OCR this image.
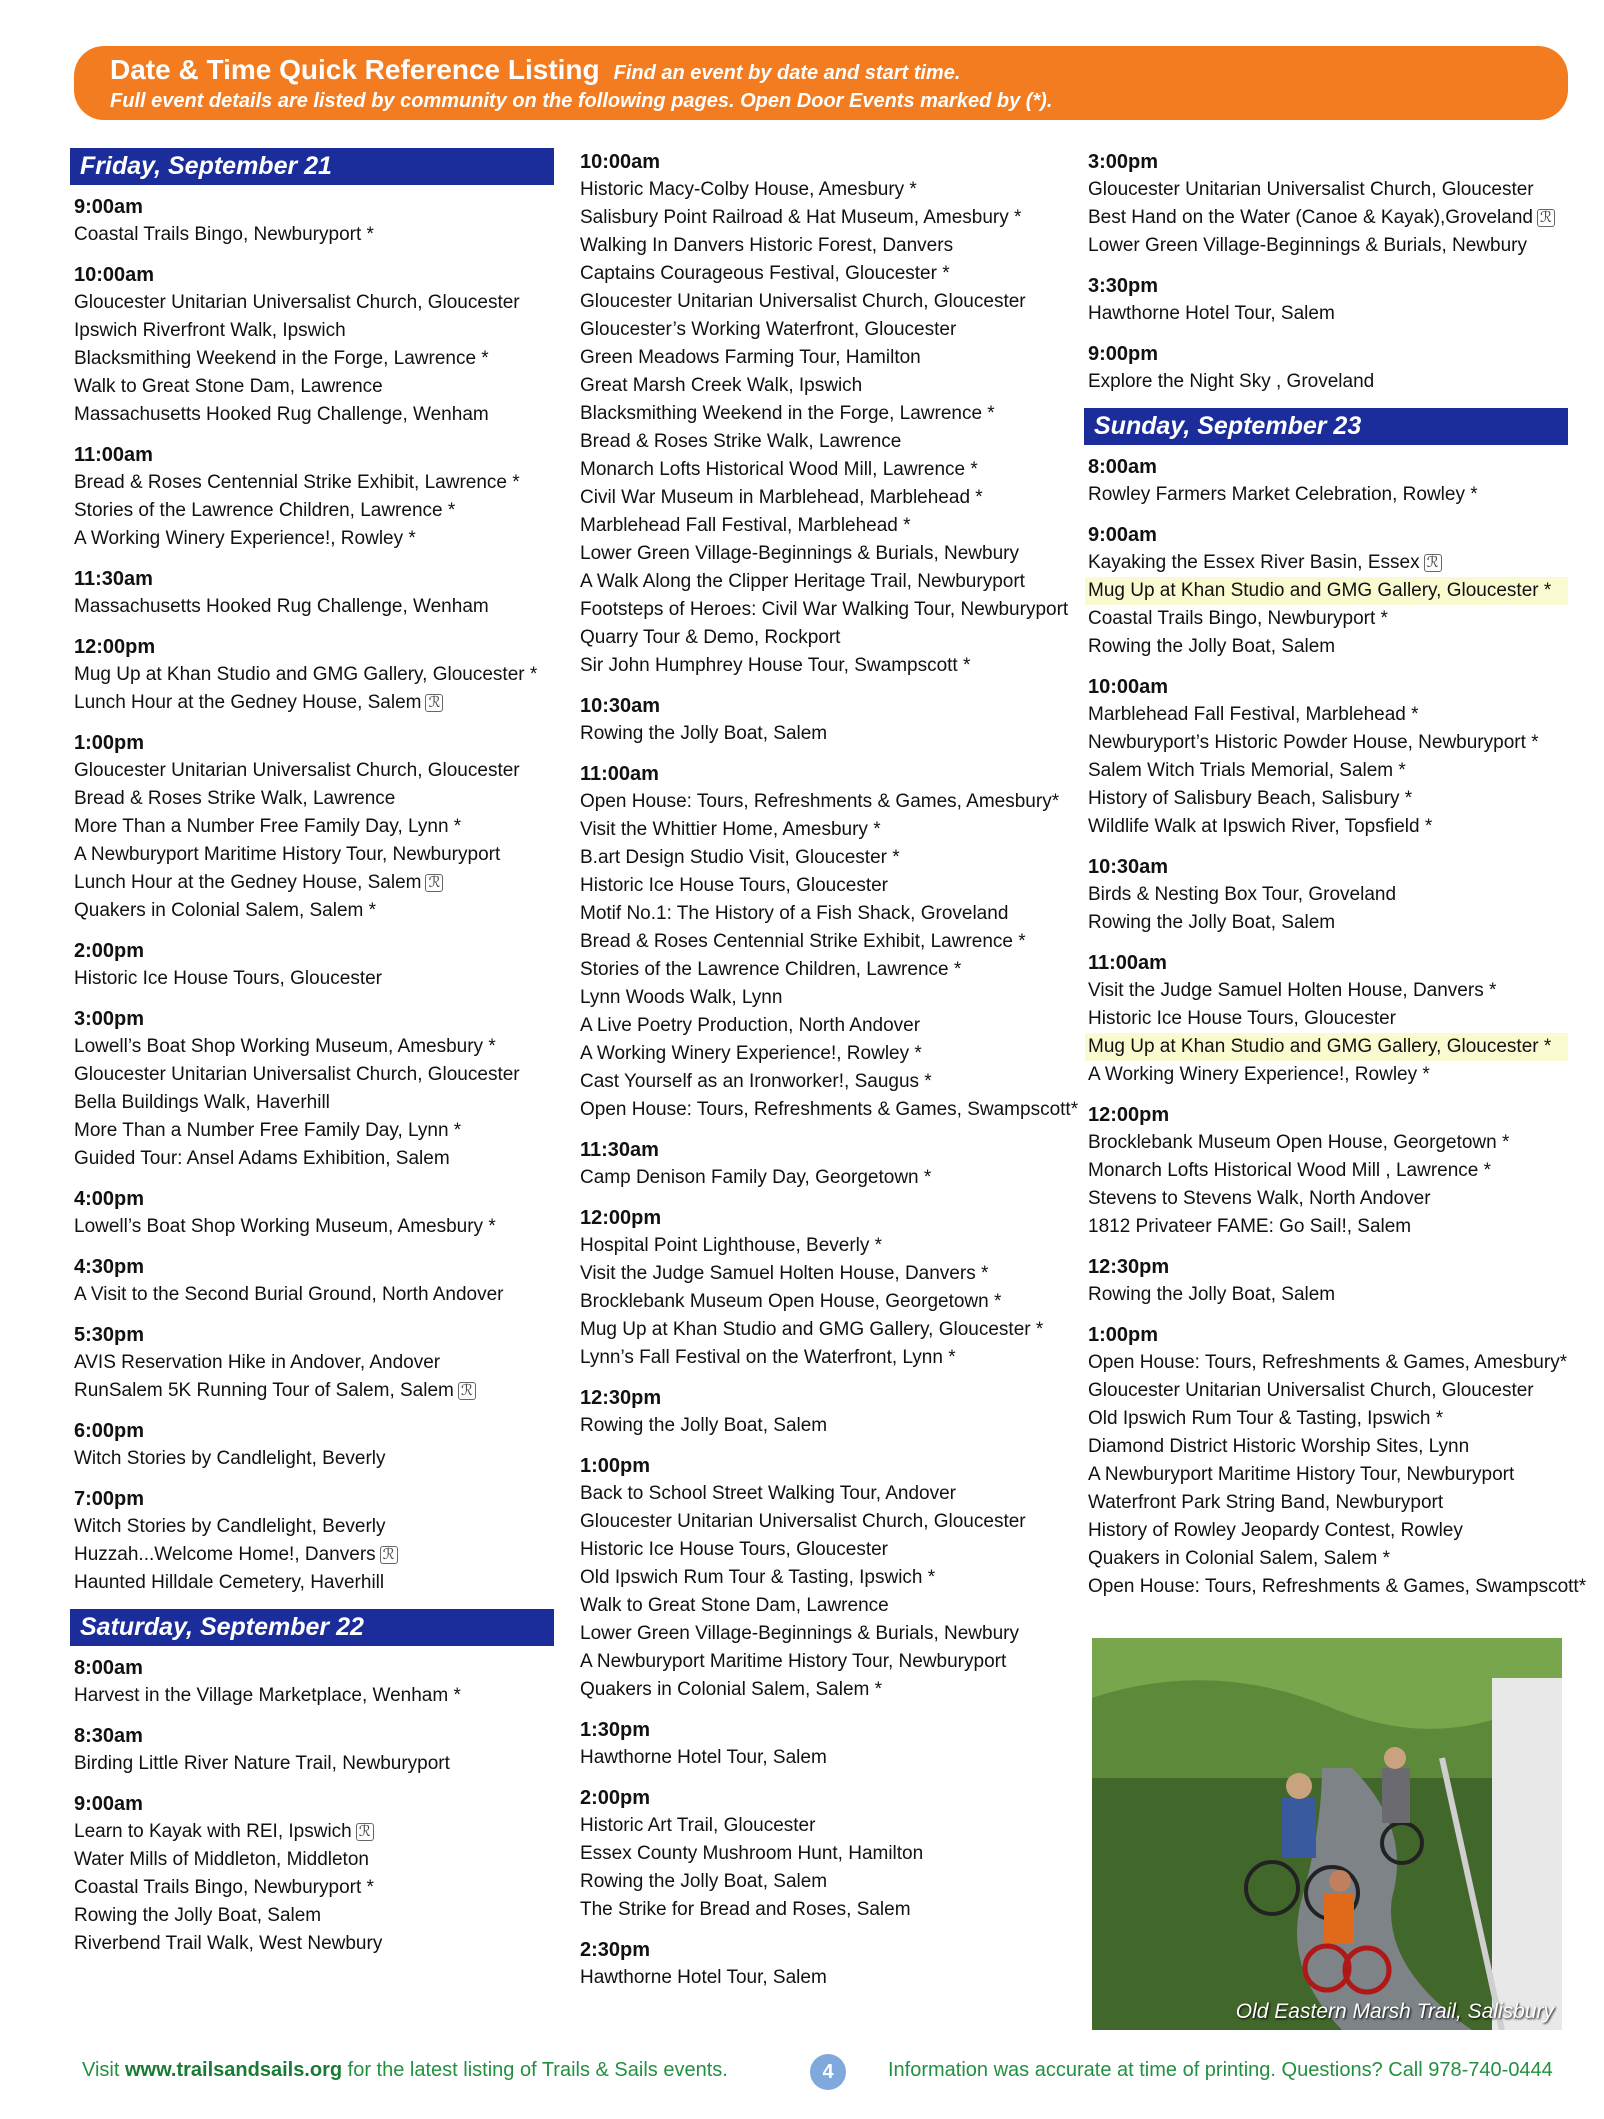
Date & Time Quick Reference Listing Find an event by date and start time.
Full event details are listed by community on the following pages. Open Door Events marked by (*).
Friday, September 21
9:00am
Coastal Trails Bingo, Newburyport *
10:00am
Gloucester Unitarian Universalist Church, Gloucester
Ipswich Riverfront Walk, Ipswich
Blacksmithing Weekend in the Forge, Lawrence *
Walk to Great Stone Dam, Lawrence
Massachusetts Hooked Rug Challenge, Wenham
11:00am
Bread & Roses Centennial Strike Exhibit, Lawrence *
Stories of the Lawrence Children, Lawrence *
A Working Winery Experience!, Rowley *
11:30am
Massachusetts Hooked Rug Challenge, Wenham
12:00pm
Mug Up at Khan Studio and GMG Gallery, Gloucester *
Lunch Hour at the Gedney House, Salem ℛ
1:00pm
Gloucester Unitarian Universalist Church, Gloucester
Bread & Roses Strike Walk, Lawrence
More Than a Number Free Family Day, Lynn *
A Newburyport Maritime History Tour, Newburyport
Lunch Hour at the Gedney House, Salem ℛ
Quakers in Colonial Salem, Salem *
2:00pm
Historic Ice House Tours, Gloucester
3:00pm
Lowell’s Boat Shop Working Museum, Amesbury *
Gloucester Unitarian Universalist Church, Gloucester
Bella Buildings Walk, Haverhill
More Than a Number Free Family Day, Lynn *
Guided Tour: Ansel Adams Exhibition, Salem
4:00pm
Lowell’s Boat Shop Working Museum, Amesbury *
4:30pm
A Visit to the Second Burial Ground, North Andover
5:30pm
AVIS Reservation Hike in Andover, Andover
RunSalem 5K Running Tour of Salem, Salem ℛ
6:00pm
Witch Stories by Candlelight, Beverly
7:00pm
Witch Stories by Candlelight, Beverly
Huzzah...Welcome Home!, Danvers ℛ
Haunted Hilldale Cemetery, Haverhill
Saturday, September 22
8:00am
Harvest in the Village Marketplace, Wenham *
8:30am
Birding Little River Nature Trail, Newburyport
9:00am
Learn to Kayak with REI, Ipswich ℛ
Water Mills of Middleton, Middleton
Coastal Trails Bingo, Newburyport *
Rowing the Jolly Boat, Salem
Riverbend Trail Walk, West Newbury
10:00am
Historic Macy-Colby House, Amesbury *
Salisbury Point Railroad & Hat Museum, Amesbury *
Walking In Danvers Historic Forest, Danvers
Captains Courageous Festival, Gloucester *
Gloucester Unitarian Universalist Church, Gloucester
Gloucester’s Working Waterfront, Gloucester
Green Meadows Farming Tour, Hamilton
Great Marsh Creek Walk, Ipswich
Blacksmithing Weekend in the Forge, Lawrence *
Bread & Roses Strike Walk, Lawrence
Monarch Lofts Historical Wood Mill, Lawrence *
Civil War Museum in Marblehead, Marblehead *
Marblehead Fall Festival, Marblehead *
Lower Green Village-Beginnings & Burials, Newbury
A Walk Along the Clipper Heritage Trail, Newburyport
Footsteps of Heroes: Civil War Walking Tour, Newburyport
Quarry Tour & Demo, Rockport
Sir John Humphrey House Tour, Swampscott *
10:30am
Rowing the Jolly Boat, Salem
11:00am
Open House: Tours, Refreshments & Games, Amesbury*
Visit the Whittier Home, Amesbury *
B.art Design Studio Visit, Gloucester *
Historic Ice House Tours, Gloucester
Motif No.1: The History of a Fish Shack, Groveland
Bread & Roses Centennial Strike Exhibit, Lawrence *
Stories of the Lawrence Children, Lawrence *
Lynn Woods Walk, Lynn
A Live Poetry Production, North Andover
A Working Winery Experience!, Rowley *
Cast Yourself as an Ironworker!, Saugus *
Open House: Tours, Refreshments & Games, Swampscott*
11:30am
Camp Denison Family Day, Georgetown *
12:00pm
Hospital Point Lighthouse, Beverly *
Visit the Judge Samuel Holten House, Danvers *
Brocklebank Museum Open House, Georgetown *
Mug Up at Khan Studio and GMG Gallery, Gloucester *
Lynn’s Fall Festival on the Waterfront, Lynn *
12:30pm
Rowing the Jolly Boat, Salem
1:00pm
Back to School Street Walking Tour, Andover
Gloucester Unitarian Universalist Church, Gloucester
Historic Ice House Tours, Gloucester
Old Ipswich Rum Tour & Tasting, Ipswich *
Walk to Great Stone Dam, Lawrence
Lower Green Village-Beginnings & Burials, Newbury
A Newburyport Maritime History Tour, Newburyport
Quakers in Colonial Salem, Salem *
1:30pm
Hawthorne Hotel Tour, Salem
2:00pm
Historic Art Trail, Gloucester
Essex County Mushroom Hunt, Hamilton
Rowing the Jolly Boat, Salem
The Strike for Bread and Roses, Salem
2:30pm
Hawthorne Hotel Tour, Salem
3:00pm
Gloucester Unitarian Universalist Church, Gloucester
Best Hand on the Water (Canoe & Kayak),Groveland ℛ
Lower Green Village-Beginnings & Burials, Newbury
3:30pm
Hawthorne Hotel Tour, Salem
9:00pm
Explore the Night Sky , Groveland
Sunday, September 23
8:00am
Rowley Farmers Market Celebration, Rowley *
9:00am
Kayaking the Essex River Basin, Essex ℛ
Mug Up at Khan Studio and GMG Gallery, Gloucester *
Coastal Trails Bingo, Newburyport *
Rowing the Jolly Boat, Salem
10:00am
Marblehead Fall Festival, Marblehead *
Newburyport’s Historic Powder House, Newburyport *
Salem Witch Trials Memorial, Salem *
History of Salisbury Beach, Salisbury *
Wildlife Walk at Ipswich River, Topsfield *
10:30am
Birds & Nesting Box Tour, Groveland
Rowing the Jolly Boat, Salem
11:00am
Visit the Judge Samuel Holten House, Danvers *
Historic Ice House Tours, Gloucester
Mug Up at Khan Studio and GMG Gallery, Gloucester *
A Working Winery Experience!, Rowley *
12:00pm
Brocklebank Museum Open House, Georgetown *
Monarch Lofts Historical Wood Mill , Lawrence *
Stevens to Stevens Walk, North Andover
1812 Privateer FAME: Go Sail!, Salem
12:30pm
Rowing the Jolly Boat, Salem
1:00pm
Open House: Tours, Refreshments & Games, Amesbury*
Gloucester Unitarian Universalist Church, Gloucester
Old Ipswich Rum Tour & Tasting, Ipswich *
Diamond District Historic Worship Sites, Lynn
A Newburyport Maritime History Tour, Newburyport
Waterfront Park String Band, Newburyport
History of Rowley Jeopardy Contest, Rowley
Quakers in Colonial Salem, Salem *
Open House: Tours, Refreshments & Games, Swampscott*
Old Eastern Marsh Trail, Salisbury
Visit www.trailsandsails.org for the latest listing of Trails & Sails events.	4	Information was accurate at time of printing. Questions? Call 978-740-0444
